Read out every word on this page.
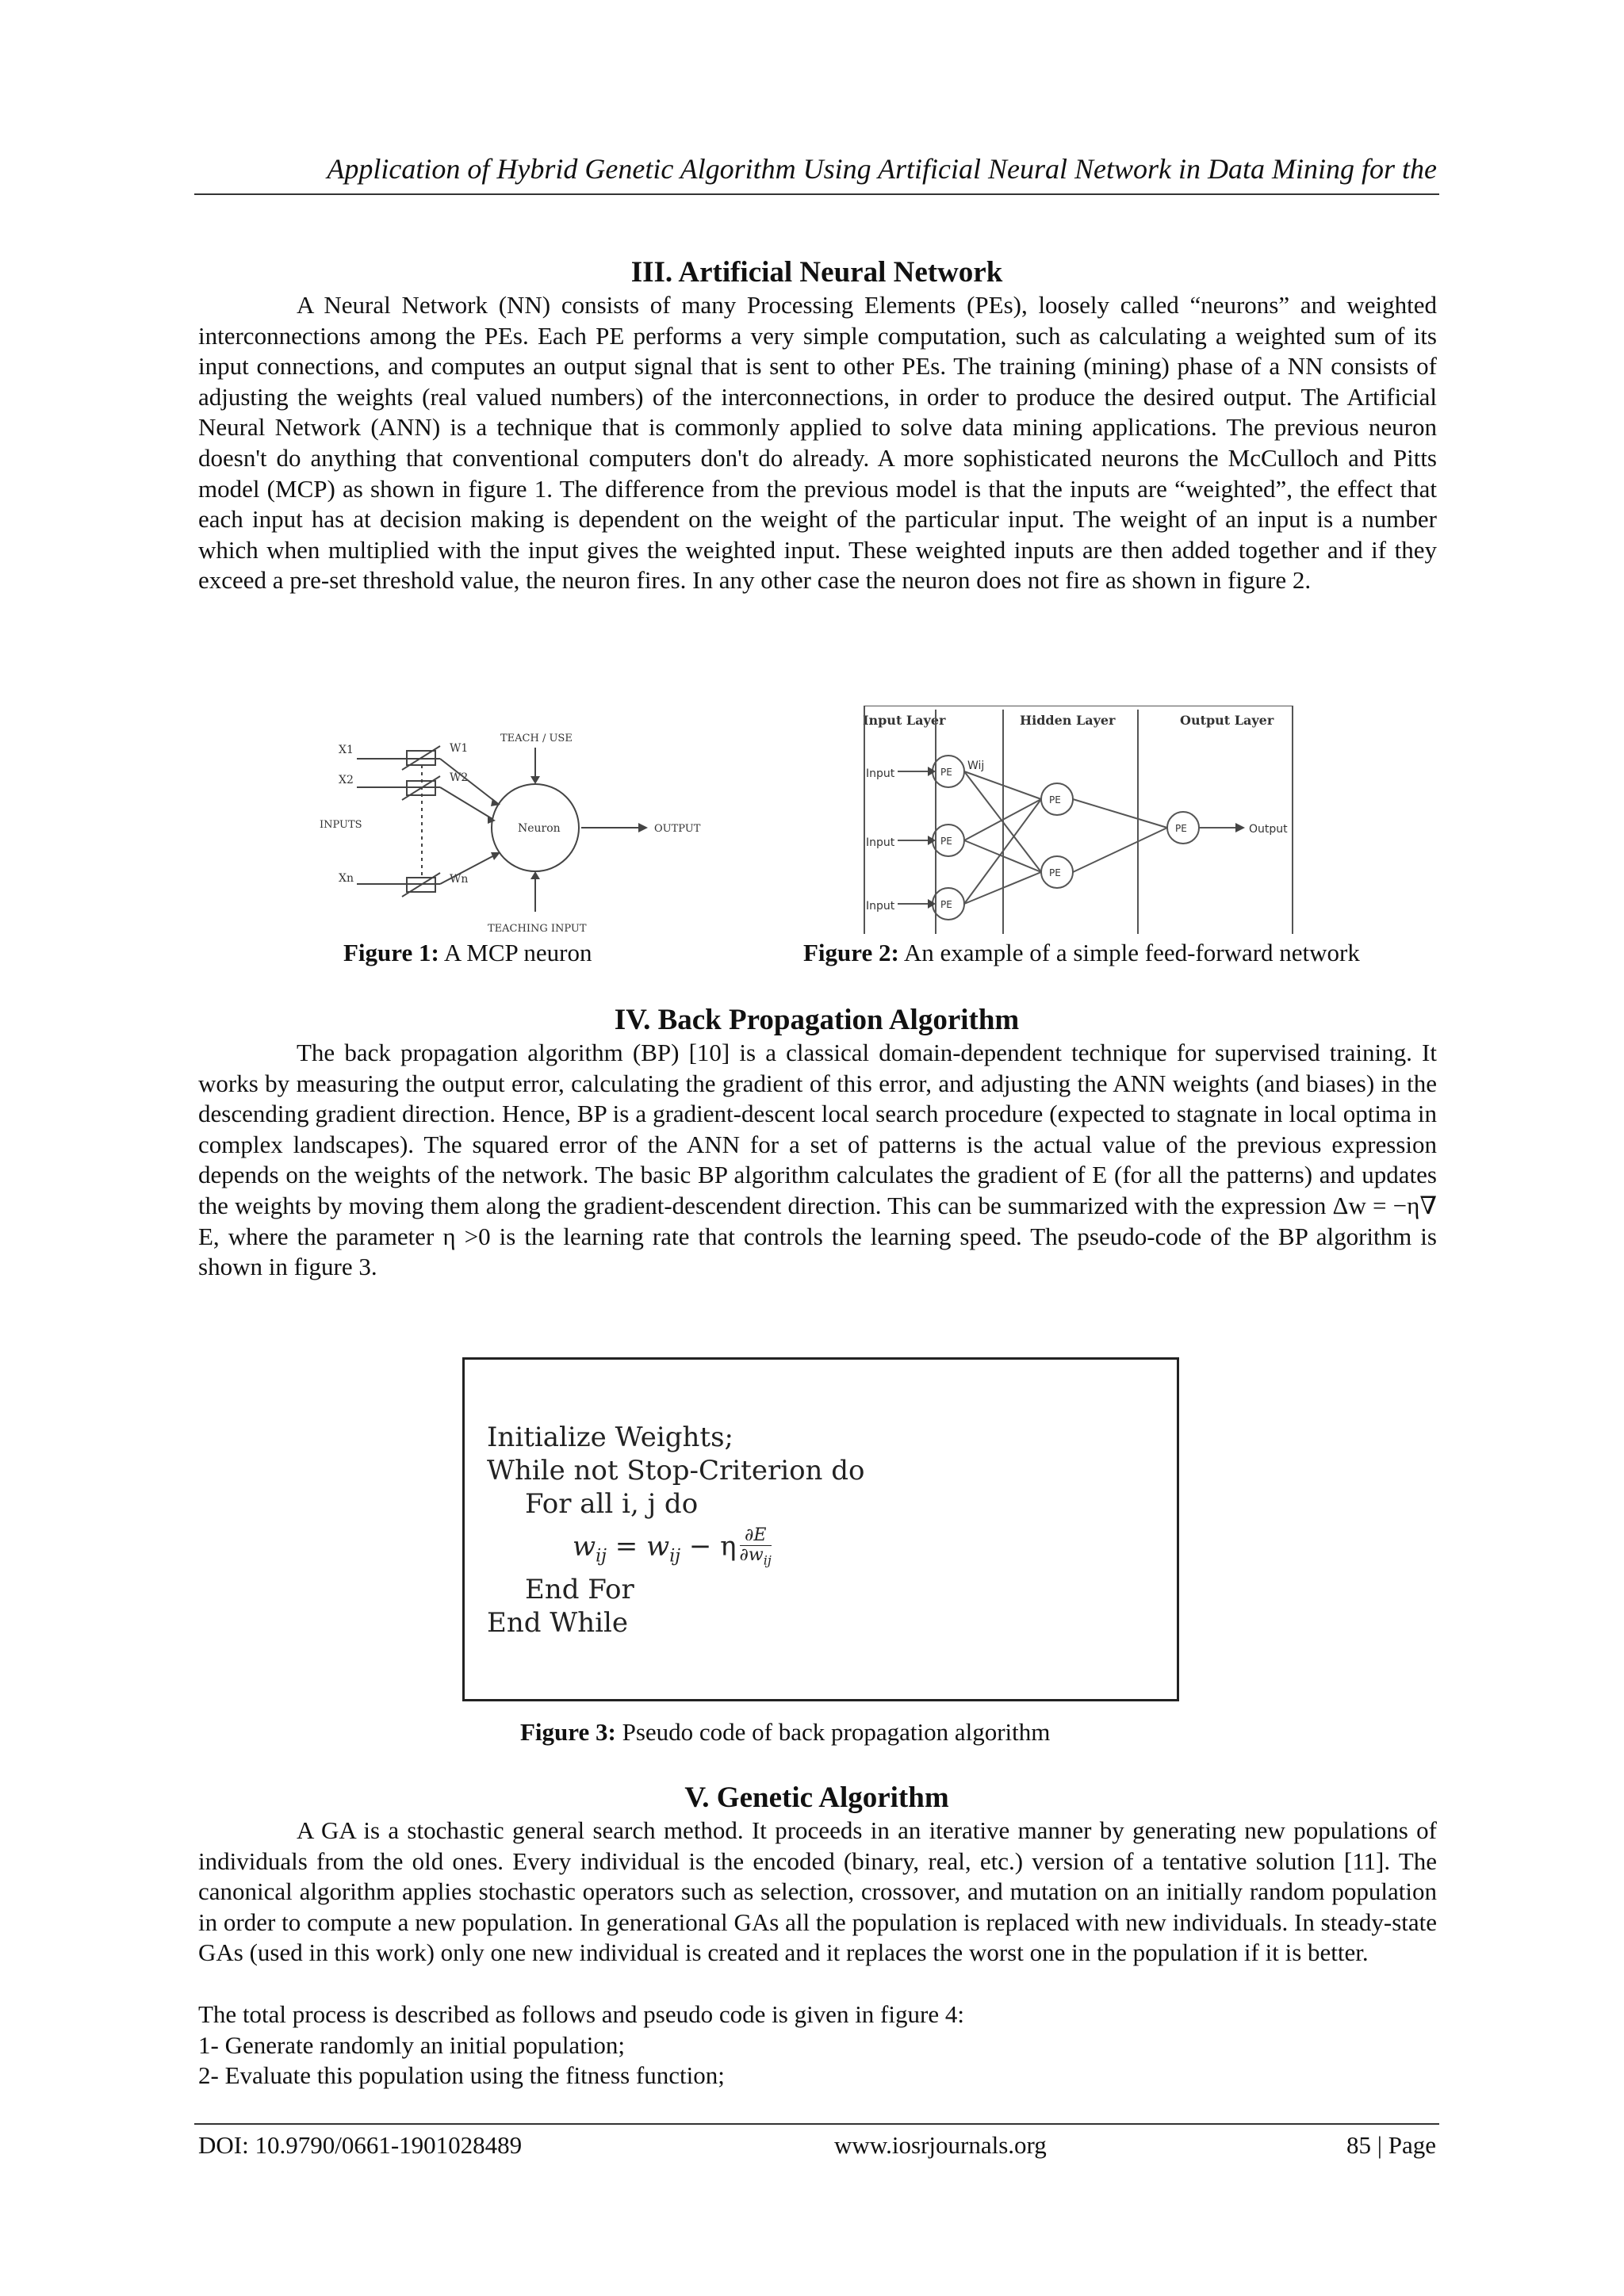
Application of Hybrid Genetic Algorithm Using Artificial Neural Network in Data Mining for the
III. Artificial Neural Network

A Neural Network (NN) consists of many Processing Elements (PEs), loosely called “neurons” and weighted interconnections among the PEs. Each PE performs a very simple computation, such as calculating a weighted sum of its input connections, and computes an output signal that is sent to other PEs. The training (mining) phase of a NN consists of adjusting the weights (real valued numbers) of the interconnections, in order to produce the desired output. The Artificial Neural Network (ANN) is a technique that is commonly applied to solve data mining applications. The previous neuron doesn't do anything that conventional computers don't do already. A more sophisticated neurons the McCulloch and Pitts model (MCP) as shown in figure 1. The difference from the previous model is that the inputs are “weighted”, the effect that each input has at decision making is dependent on the weight of the particular input. The weight of an input is a number which when multiplied with the input gives the weighted input. These weighted inputs are then added together and if they exceed a pre-set threshold value, the neuron fires. In any other case the neuron does not fire as shown in figure 2.

X1
X2
Xn
W1
W2
Wn
TEACH / USE
INPUTS	Neuron	OUTPUT
TEACHING INPUT
Figure 1: A MCP neuron
Input Layer	Hidden Layer	Output Layer
Input
Input
Input
PE
PE
PE
PE
PE
PE
Wij
Output
Figure 2: An example of a simple feed-forward network
IV. Back Propagation Algorithm

The back propagation algorithm (BP) [10] is a classical domain-dependent technique for supervised training. It works by measuring the output error, calculating the gradient of this error, and adjusting the ANN weights (and biases) in the descending gradient direction. Hence, BP is a gradient-descent local search procedure (expected to stagnate in local optima in complex landscapes). The squared error of the ANN for a set of patterns is the actual value of the previous expression depends on the weights of the network. The basic BP algorithm calculates the gradient of E (for all the patterns) and updates the weights by moving them along the gradient-descendent direction. This can be summarized with the expression Δw = −η∇ E, where the parameter η >0 is the learning rate that controls the learning speed. The pseudo-code of the BP algorithm is shown in figure 3.

Initialize Weights;
While not Stop-Criterion do
For all i, j do
$w_{ij} = w_{ij} - \eta$ ∂E
$\partial w_{ij}$
End For
End While
Figure 3: Pseudo code of back propagation algorithm
V. Genetic Algorithm

A GA is a stochastic general search method. It proceeds in an iterative manner by generating new populations of individuals from the old ones. Every individual is the encoded (binary, real, etc.) version of a tentative solution [11]. The canonical algorithm applies stochastic operators such as selection, crossover, and mutation on an initially random population in order to compute a new population. In generational GAs all the population is replaced with new individuals. In steady-state GAs (used in this work) only one new individual is created and it replaces the worst one in the population if it is better.

The total process is described as follows and pseudo code is given in figure 4:
1- Generate randomly an initial population;
2- Evaluate this population using the fitness function;
DOI: 10.9790/0661-1901028489	www.iosrjournals.org	85 | Page
